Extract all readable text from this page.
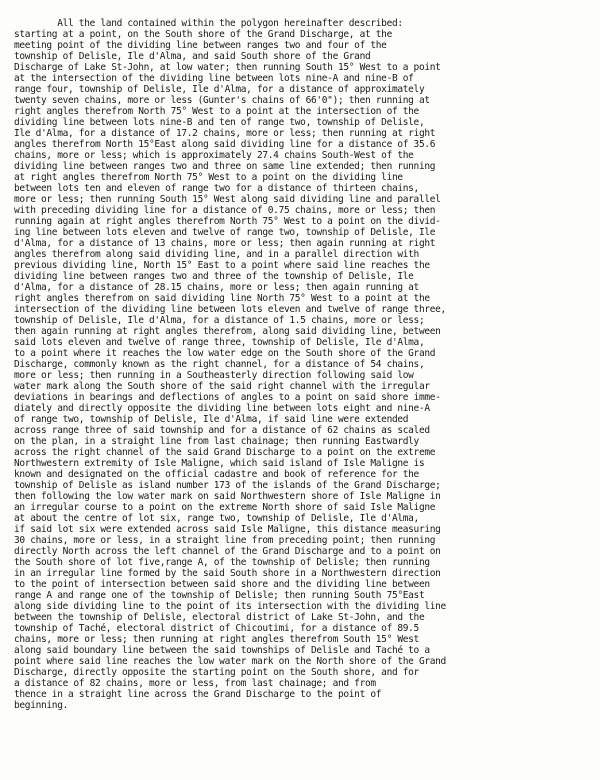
All the land contained within the polygon hereinafter described:
starting at a point, on the South shore of the Grand Discharge, at the
meeting point of the dividing line between ranges two and four of the
township of Delisle, Ile d'Alma, and said South shore of the Grand
Discharge of Lake St-John, at low water; then running South 15° West to a point
at the intersection of the dividing line between lots nine-A and nine-B of
range four, township of Delisle, Ile d'Alma, for a distance of approximately
twenty seven chains, more or less (Gunter's chains of 66'0"); then running at
right angles therefrom North 75° West to a point at the intersection of the
dividing line between lots nine-B and ten of range two, township of Delisle,
Ile d'Alma, for a distance of 17.2 chains, more or less; then running at right
angles therefrom North 15°East along said dividing line for a distance of 35.6
chains, more or less; which is approximately 27.4 chains South-West of the
dividing line between ranges two and three on same line extended; then running
at right angles therefrom North 75° West to a point on the dividing line
between lots ten and eleven of range two for a distance of thirteen chains,
more or less; then running South 15° West along said dividing line and parallel
with preceding dividing line for a distance of 0.75 chains, more or less; then
running again at right angles therefrom North 75° West to a point on the divid-
ing line between lots eleven and twelve of range two, township of Delisle, Ile
d'Alma, for a distance of 13 chains, more or less; then again running at right
angles therefrom along said dividing line, and in a parallel direction with
previous dividing line, North 15° East to a point where said line reaches the
dividing line between ranges two and three of the township of Delisle, Ile
d'Alma, for a distance of 28.15 chains, more or less; then again running at
right angles therefrom on said dividing line North 75° West to a point at the
intersection of the dividing line between lots eleven and twelve of range three,
township of Delisle, Ile d'Alma, for a distance of 1.5 chains, more or less;
then again running at right angles therefrom, along said dividing line, between
said lots eleven and twelve of range three, township of Delisle, Ile d'Alma,
to a point where it reaches the low water edge on the South shore of the Grand
Discharge, commonly known as the right channel, for a distance of 54 chains,
more or less; then running in a Southeasterly direction following said low
water mark along the South shore of the said right channel with the irregular
deviations in bearings and deflections of angles to a point on said shore imme-
diately and directly opposite the dividing line between lots eight and nine-A
of range two, township of Delisle, Ile d'Alma, if said line were extended
across range three of said township and for a distance of 62 chains as scaled
on the plan, in a straight line from last chainage; then running Eastwardly
across the right channel of the said Grand Discharge to a point on the extreme
Northwestern extremity of Isle Maligne, which said island of Isle Maligne is
known and designated on the official cadastre and book of reference for the
township of Delisle as island number 173 of the islands of the Grand Discharge;
then following the low water mark on said Northwestern shore of Isle Maligne in
an irregular course to a point on the extreme North shore of said Isle Maligne
at about the centre of lot six, range two, township of Delisle, Ile d'Alma,
if said lot six were extended across said Isle Maligne, this distance measuring
30 chains, more or less, in a straight line from preceding point; then running
directly North across the left channel of the Grand Discharge and to a point on
the South shore of lot five,range A, of the township of Delisle; then running
in an irregular line formed by the said South shore in a Northwestern direction
to the point of intersection between said shore and the dividing line between
range A and range one of the township of Delisle; then running South 75°East
along side dividing line to the point of its intersection with the dividing line
between the township of Delisle, electoral district of Lake St-John, and the
township of Taché, electoral district of Chicoutimi, for a distance of 89.5
chains, more or less; then running at right angles therefrom South 15° West
along said boundary line between the said townships of Delisle and Taché to a
point where said line reaches the low water mark on the North shore of the Grand
Discharge, directly opposite the starting point on the South shore, and for
a distance of 82 chains, more or less, from last chainage; and from
thence in a straight line across the Grand Discharge to the point of
beginning.
